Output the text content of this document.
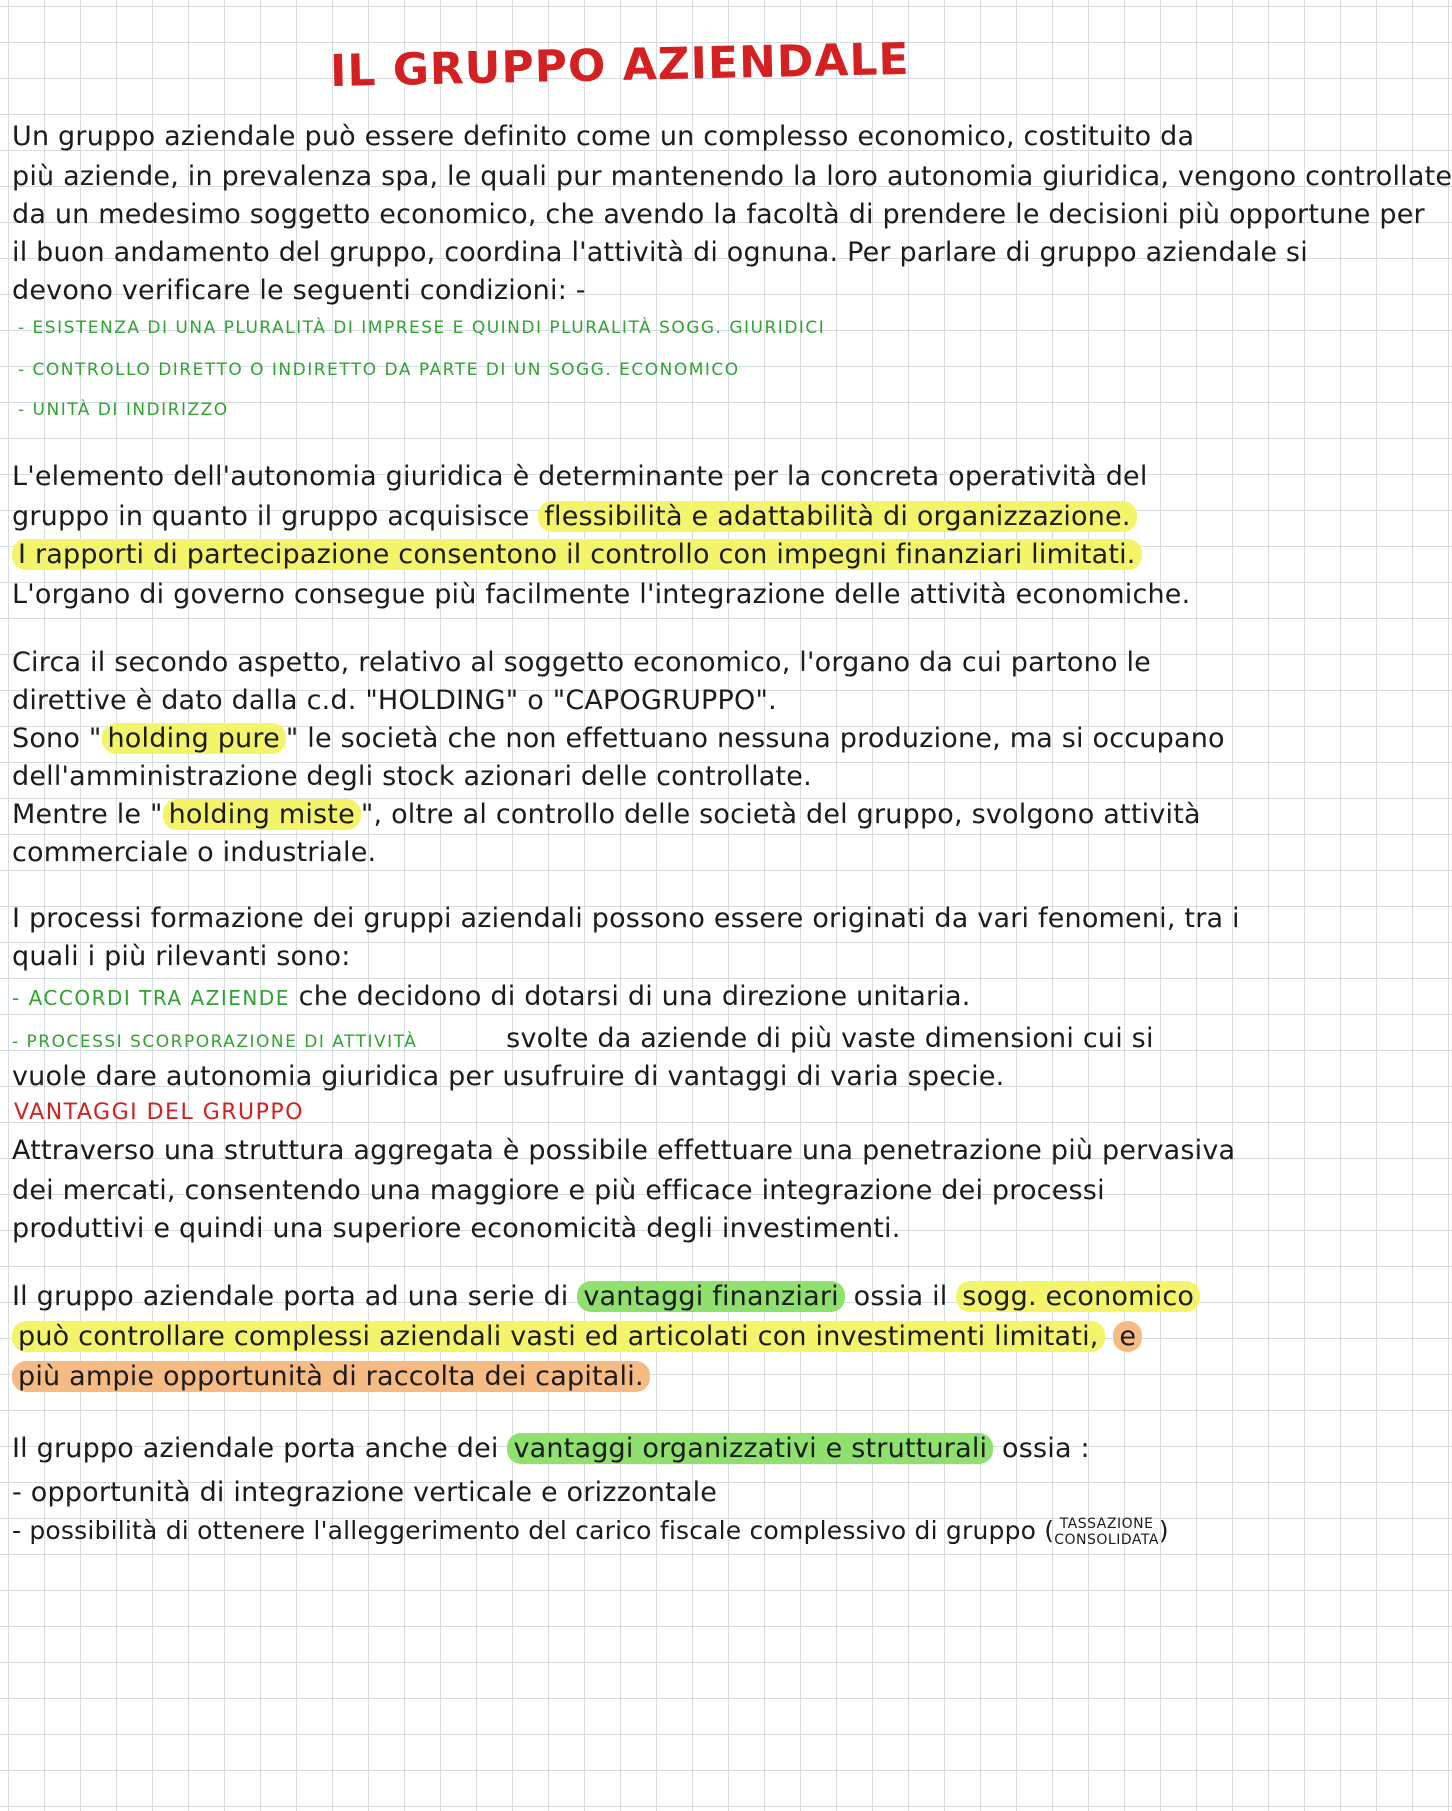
IL GRUPPO AZIENDALE
Un gruppo aziendale può essere definito come un complesso economico, costituito da
più aziende, in prevalenza spa, le quali pur mantenendo la loro autonomia giuridica, vengono controllate
da un medesimo soggetto economico, che avendo la facoltà di prendere le decisioni più opportune per
il buon andamento del gruppo, coordina l'attività di ognuna. Per parlare di gruppo aziendale si
devono verificare le seguenti condizioni: -
- ESISTENZA DI UNA PLURALITÀ DI IMPRESE E QUINDI PLURALITÀ SOGG. GIURIDICI
- CONTROLLO DIRETTO O INDIRETTO DA PARTE DI UN SOGG. ECONOMICO
- UNITÀ DI INDIRIZZO
L'elemento dell'autonomia giuridica è determinante per la concreta operatività del
gruppo in quanto il gruppo acquisisce flessibilità e adattabilità di organizzazione.
I rapporti di partecipazione consentono il controllo con impegni finanziari limitati.
L'organo di governo consegue più facilmente l'integrazione delle attività economiche.
Circa il secondo aspetto, relativo al soggetto economico, l'organo da cui partono le
direttive è dato dalla c.d. "HOLDING" o "CAPOGRUPPO".
Sono " holding pure " le società che non effettuano nessuna produzione, ma si occupano
dell'amministrazione degli stock azionari delle controllate.
Mentre le " holding miste ", oltre al controllo delle società del gruppo, svolgono attività
commerciale o industriale.
I processi formazione dei gruppi aziendali possono essere originati da vari fenomeni, tra i
quali i più rilevanti sono:
- ACCORDI TRA AZIENDE che decidono di dotarsi di una direzione unitaria.
- PROCESSI SCORPORAZIONE DI ATTIVITÀ	svolte da aziende di più vaste dimensioni cui si
vuole dare autonomia giuridica per usufruire di vantaggi di varia specie.
VANTAGGI DEL GRUPPO
Attraverso una struttura aggregata è possibile effettuare una penetrazione più pervasiva
dei mercati, consentendo una maggiore e più efficace integrazione dei processi
produttivi e quindi una superiore economicità degli investimenti.
Il gruppo aziendale porta ad una serie di vantaggi finanziari ossia il sogg. economico
può controllare complessi aziendali vasti ed articolati con investimenti limitati, e
più ampie opportunità di raccolta dei capitali.
Il gruppo aziendale porta anche dei vantaggi organizzativi e strutturali ossia :
- opportunità di integrazione verticale e orizzontale
- possibilità di ottenere l'alleggerimento del carico fiscale complessivo di gruppo ( TASSAZIONE
CONSOLIDATA)
